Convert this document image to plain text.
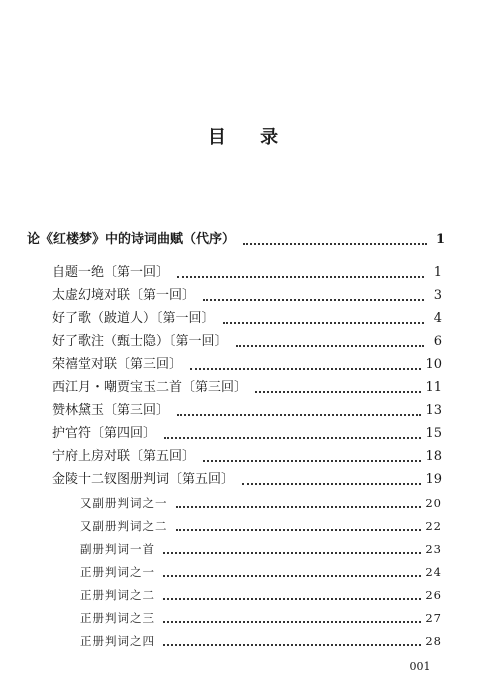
目 录
论《红楼梦》中的诗词曲赋（代序）	1
自题一绝〔第一回〕	1
太虚幻境对联〔第一回〕	3
好了歌（跛道人）〔第一回〕	4
好了歌注（甄士隐）〔第一回〕	6
荣禧堂对联〔第三回〕	10
西江月・嘲贾宝玉二首〔第三回〕	11
赞林黛玉〔第三回〕	13
护官符〔第四回〕	15
宁府上房对联〔第五回〕	18
金陵十二钗图册判词〔第五回〕	19
又副册判词之一	20
又副册判词之二	22
副册判词一首	23
正册判词之一	24
正册判词之二	26
正册判词之三	27
正册判词之四	28
001
